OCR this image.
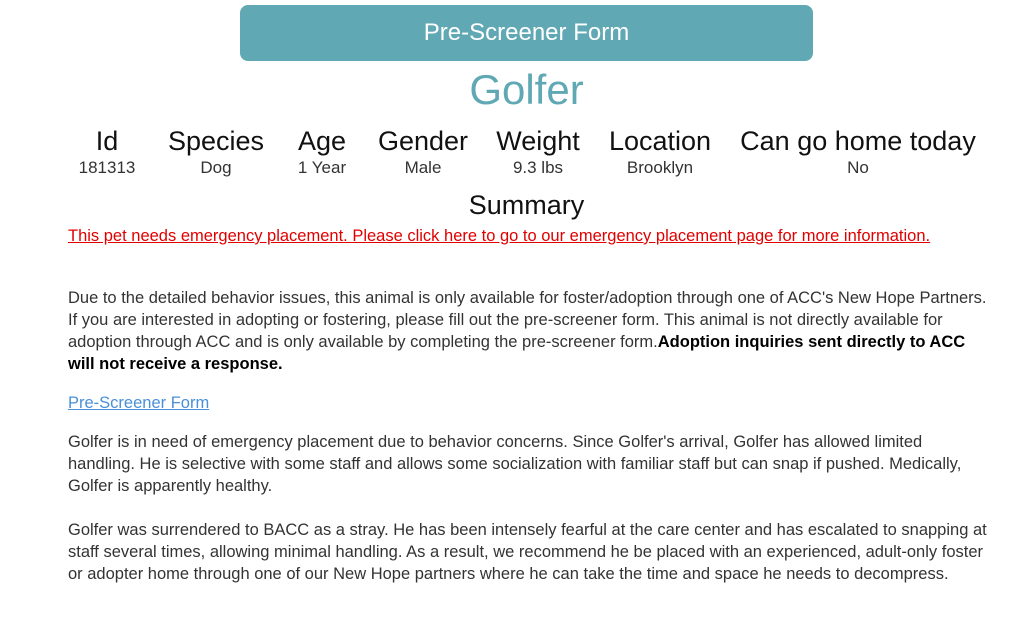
Pre-Screener Form
Golfer
Id
181313
Species
Dog
Age
1 Year
Gender
Male
Weight
9.3 lbs
Location
Brooklyn
Can go home today
No
Summary
This pet needs emergency placement. Please click here to go to our emergency placement page for more information.
Due to the detailed behavior issues, this animal is only available for foster/adoption through one of ACC's New Hope Partners. If you are interested in adopting or fostering, please fill out the pre-screener form. This animal is not directly available for adoption through ACC and is only available by completing the pre-screener form.Adoption inquiries sent directly to ACC will not receive a response.
Pre-Screener Form
Golfer is in need of emergency placement due to behavior concerns. Since Golfer's arrival, Golfer has allowed limited handling. He is selective with some staff and allows some socialization with familiar staff but can snap if pushed. Medically, Golfer is apparently healthy.
Golfer was surrendered to BACC as a stray. He has been intensely fearful at the care center and has escalated to snapping at staff several times, allowing minimal handling. As a result, we recommend he be placed with an experienced, adult-only foster or adopter home through one of our New Hope partners where he can take the time and space he needs to decompress.
